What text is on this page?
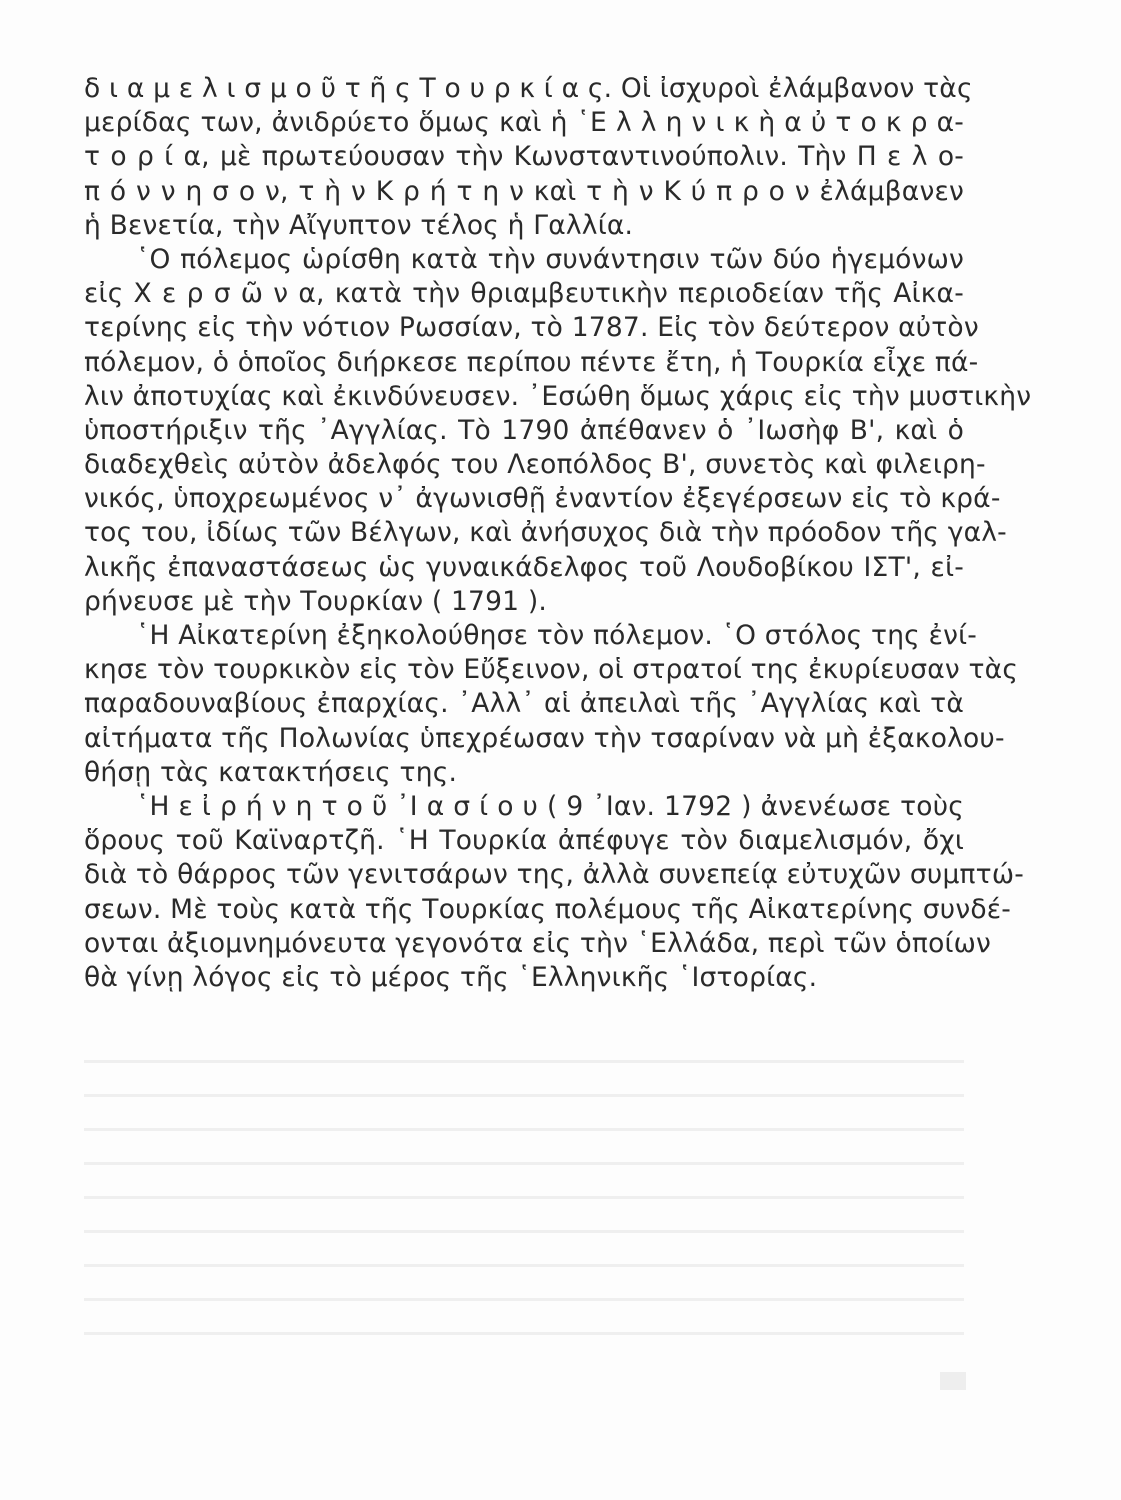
δ ι α μ ε λ ι σ μ ο ῦ τ ῆ ς Τ ο υ ρ κ ί α ς. Οἱ ἰσχυροὶ ἐλάμβανον τὰς
μερίδας των, ἀνιδρύετο ὅμως καὶ ἡ ῾Ε λ λ η ν ι κ ὴ α ὐ τ ο κ ρ α-
τ ο ρ ί α, μὲ πρωτεύουσαν τὴν Κωνσταντινούπολιν. Τὴν Π ε λ ο-
π ό ν ν η σ ο ν, τ ὴ ν Κ ρ ή τ η ν καὶ τ ὴ ν Κ ύ π ρ ο ν ἐλάμβανεν
ἡ Βενετία, τὴν Αἴγυπτον τέλος ἡ Γαλλία.
῾Ο πόλεμος ὡρίσθη κατὰ τὴν συνάντησιν τῶν δύο ἡγεμόνων
εἰς Χ ε ρ σ ῶ ν α, κατὰ τὴν θριαμβευτικὴν περιοδείαν τῆς Αἰκα-
τερίνης εἰς τὴν νότιον Ρωσσίαν, τὸ 1787. Εἰς τὸν δεύτερον αὐτὸν
πόλεμον, ὁ ὁποῖος διήρκεσε περίπου πέντε ἔτη, ἡ Τουρκία εἶχε πά-
λιν ἀποτυχίας καὶ ἐκινδύνευσεν. ᾽Εσώθη ὅμως χάρις εἰς τὴν μυστικὴν
ὑποστήριξιν τῆς ᾽Αγγλίας. Τὸ 1790 ἀπέθανεν ὁ ᾽Ιωσὴφ Β', καὶ ὁ
διαδεχθεὶς αὐτὸν ἀδελφός του Λεοπόλδος Β', συνετὸς καὶ φιλειρη-
νικός, ὑποχρεωμένος ν᾽ ἀγωνισθῇ ἐναντίον ἐξεγέρσεων εἰς τὸ κρά-
τος του, ἰδίως τῶν Βέλγων, καὶ ἀνήσυχος διὰ τὴν πρόοδον τῆς γαλ-
λικῆς ἐπαναστάσεως ὡς γυναικάδελφος τοῦ Λουδοβίκου ΙΣΤ', εἰ-
ρήνευσε μὲ τὴν Τουρκίαν ( 1791 ).
῾Η Αἰκατερίνη ἐξηκολούθησε τὸν πόλεμον. ῾Ο στόλος της ἐνί-
κησε τὸν τουρκικὸν εἰς τὸν Εὔξεινον, οἱ στρατοί της ἐκυρίευσαν τὰς
παραδουναβίους ἐπαρχίας. ᾽Αλλ᾽ αἱ ἀπειλαὶ τῆς ᾽Αγγλίας καὶ τὰ
αἰτήματα τῆς Πολωνίας ὑπεχρέωσαν τὴν τσαρίναν νὰ μὴ ἐξακολου-
θήσῃ τὰς κατακτήσεις της.
῾Η ε ἰ ρ ή ν η τ ο ῦ ᾽Ι α σ ί ο υ ( 9 ᾽Ιαν. 1792 ) ἀνενέωσε τοὺς
ὅρους τοῦ Καϊναρτζῆ. ῾Η Τουρκία ἀπέφυγε τὸν διαμελισμόν, ὄχι
διὰ τὸ θάρρος τῶν γενιτσάρων της, ἀλλὰ συνεπείᾳ εὐτυχῶν συμπτώ-
σεων. Μὲ τοὺς κατὰ τῆς Τουρκίας πολέμους τῆς Αἰκατερίνης συνδέ-
ονται ἀξιομνημόνευτα γεγονότα εἰς τὴν ῾Ελλάδα, περὶ τῶν ὁποίων
θὰ γίνῃ λόγος εἰς τὸ μέρος τῆς ῾Ελληνικῆς ῾Ιστορίας.
